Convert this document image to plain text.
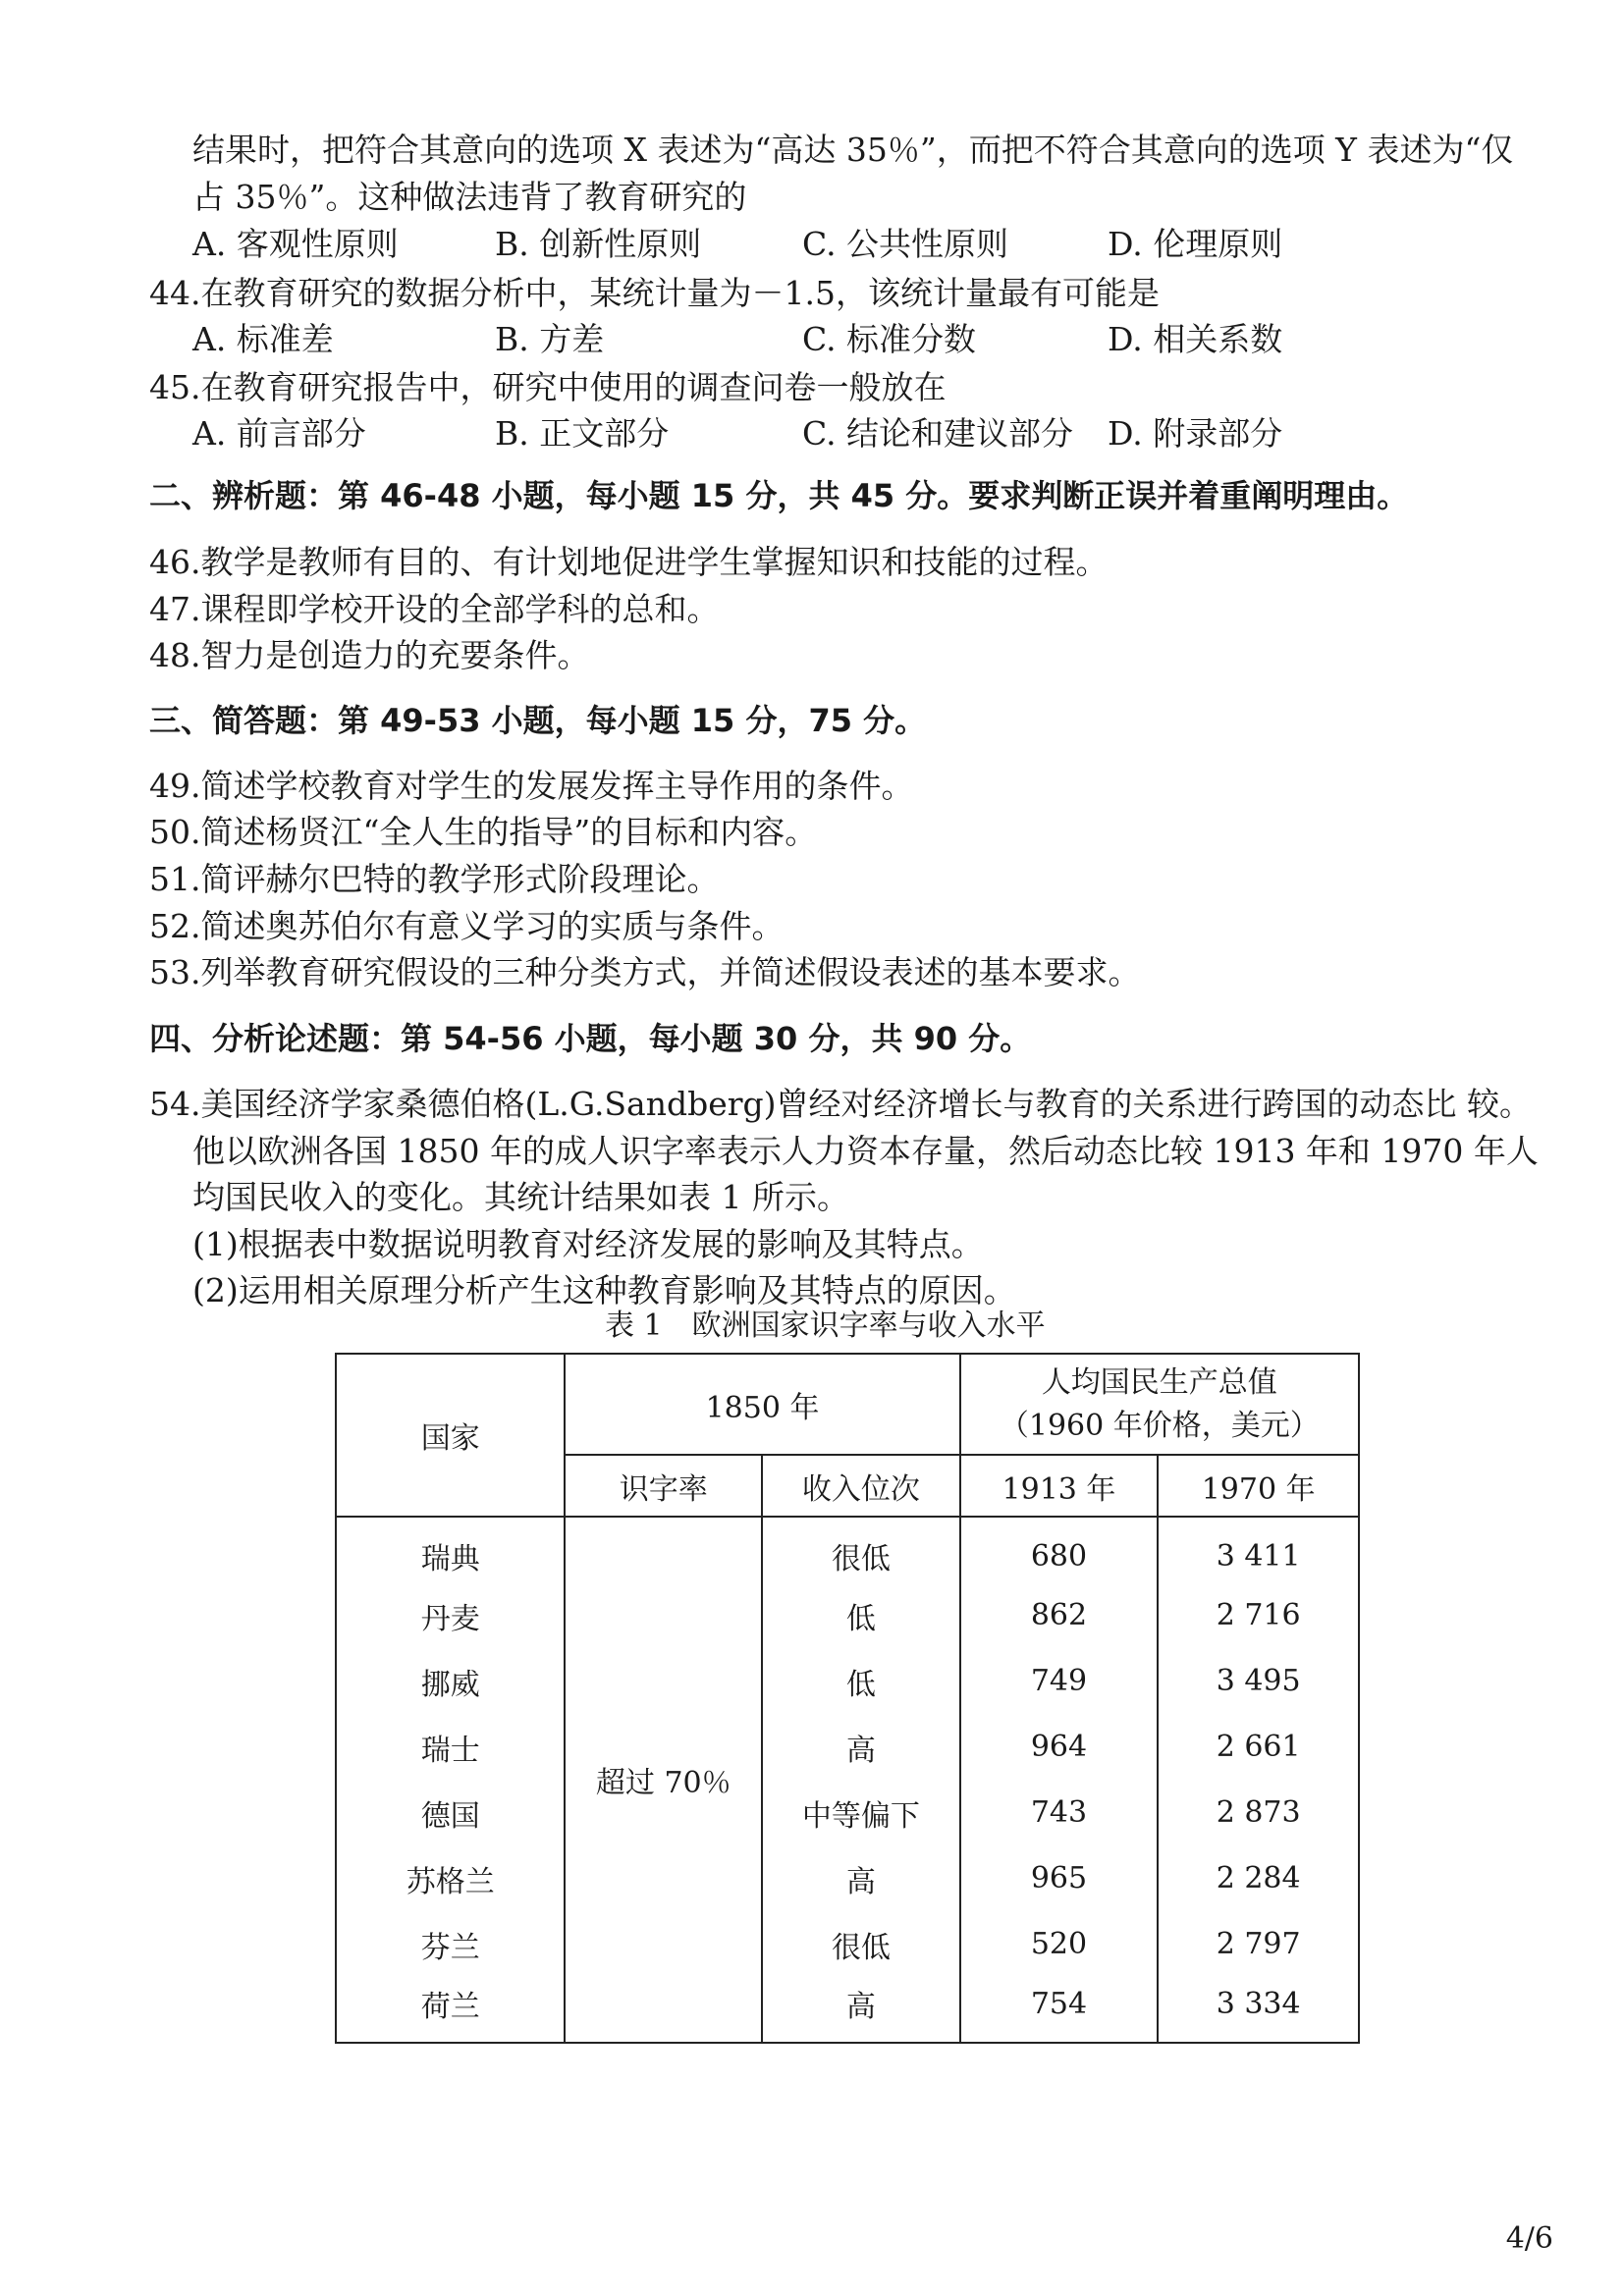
结果时，把符合其意向的选项 X 表述为“高达 35％”，而把不符合其意向的选项 Y 表述为“仅
占 35％”。这种做法违背了教育研究的
A. 客观性原则	B. 创新性原则	C. 公共性原则	D. 伦理原则
44.在教育研究的数据分析中，某统计量为－1.5，该统计量最有可能是
A. 标准差	B. 方差	C. 标准分数	D. 相关系数
45.在教育研究报告中，研究中使用的调查问卷一般放在
A. 前言部分	B. 正文部分	C. 结论和建议部分 D. 附录部分
二、辨析题：第 46-48 小题，每小题 15 分，共 45 分。要求判断正误并着重阐明理由。
46.教学是教师有目的、有计划地促进学生掌握知识和技能的过程。
47.课程即学校开设的全部学科的总和。
48.智力是创造力的充要条件。
三、简答题：第 49-53 小题，每小题 15 分，75 分。
49.简述学校教育对学生的发展发挥主导作用的条件。
50.简述杨贤江“全人生的指导”的目标和内容。
51.简评赫尔巴特的教学形式阶段理论。
52.简述奥苏伯尔有意义学习的实质与条件。
53.列举教育研究假设的三种分类方式，并简述假设表述的基本要求。
四、分析论述题：第 54-56 小题，每小题 30 分，共 90 分。
54.美国经济学家桑德伯格(L.G.Sandberg)曾经对经济增长与教育的关系进行跨国的动态比 较。
他以欧洲各国 1850 年的成人识字率表示人力资本存量，然后动态比较 1913 年和 1970 年人
均国民收入的变化。其统计结果如表 1 所示。
(1)根据表中数据说明教育对经济发展的影响及其特点。
(2)运用相关原理分析产生这种教育影响及其特点的原因。
表 1　欧洲国家识字率与收入水平
国家	1850 年		人均国民生产总值
（1960 年价格，美元）	

	识字率	收入位次	1913 年	1970 年
瑞典	超过 70％	很低	680	3 411
丹麦		低	862	2 716
挪威		低	749	3 495
瑞士		高	964	2 661
德国		中等偏下	743	2 873
苏格兰		高	965	2 284
芬兰		很低	520	2 797
荷兰		高	754	3 334
4/6
